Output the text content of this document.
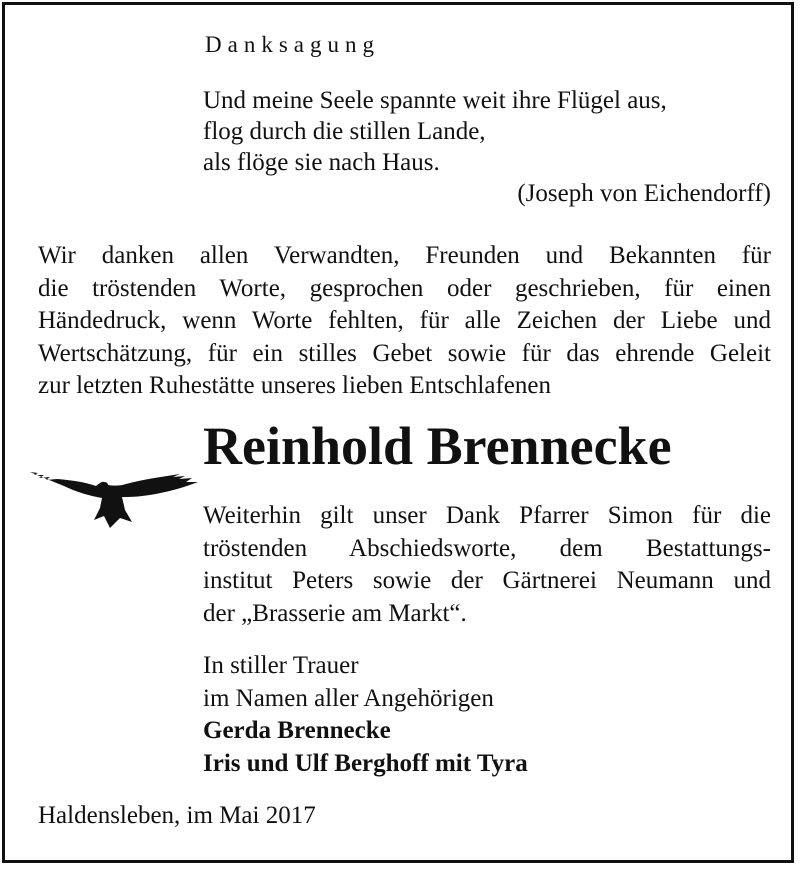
Danksagung
Und meine Seele spannte weit ihre Flügel aus,
flog durch die stillen Lande,
als flöge sie nach Haus.
(Joseph von Eichendorff)
Wir danken allen Verwandten, Freunden und Bekannten für
die tröstenden Worte, gesprochen oder geschrieben, für einen
Händedruck, wenn Worte fehlten, für alle Zeichen der Liebe und
Wertschätzung, für ein stilles Gebet sowie für das ehrende Geleit
zur letzten Ruhestätte unseres lieben Entschlafenen
Reinhold Brennecke
Weiterhin gilt unser Dank Pfarrer Simon für die
tröstenden Abschiedsworte, dem Bestattungs-
institut Peters sowie der Gärtnerei Neumann und
der „Brasserie am Markt“.
In stiller Trauer
im Namen aller Angehörigen
Gerda Brennecke
Iris und Ulf Berghoff mit Tyra
Haldensleben, im Mai 2017
